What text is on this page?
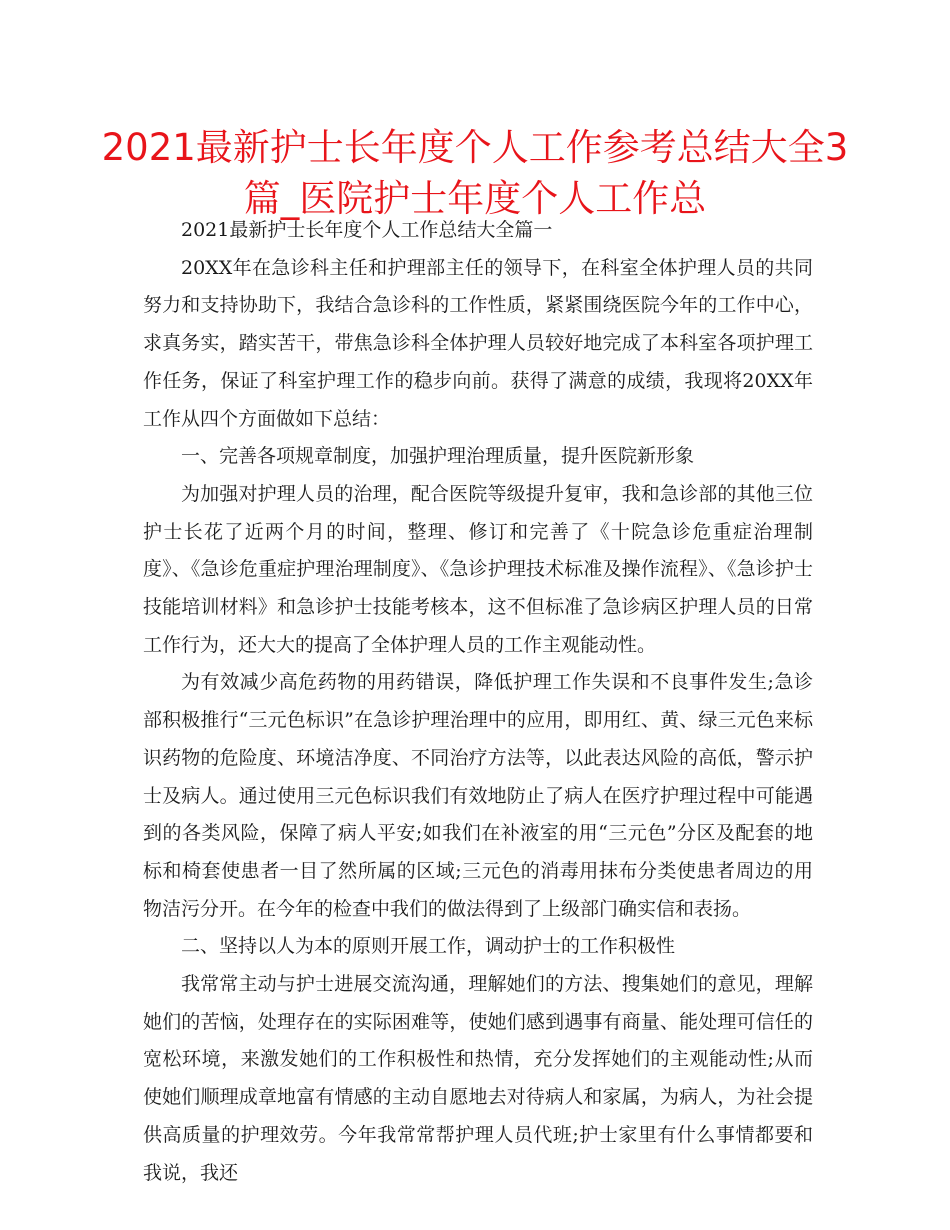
2021最新护士长年度个人工作参考总结大全3篇_医院护士年度个人工作总

2021最新护士长年度个人工作总结大全篇一

20XX年在急诊科主任和护理部主任的领导下，在科室全体护理人员的共同努力和支持协助下，我结合急诊科的工作性质，紧紧围绕医院今年的工作中心，求真务实，踏实苦干，带焦急诊科全体护理人员较好地完成了本科室各项护理工作任务，保证了科室护理工作的稳步向前。获得了满意的成绩，我现将20XX年工作从四个方面做如下总结：

一、完善各项规章制度，加强护理治理质量，提升医院新形象

为加强对护理人员的治理，配合医院等级提升复审，我和急诊部的其他三位护士长花了近两个月的时间，整理、修订和完善了《十院急诊危重症治理制度》、《急诊危重症护理治理制度》、《急诊护理技术标准及操作流程》、《急诊护士技能培训材料》和急诊护士技能考核本，这不但标准了急诊病区护理人员的日常工作行为，还大大的提高了全体护理人员的工作主观能动性。

为有效减少高危药物的用药错误，降低护理工作失误和不良事件发生;急诊部积极推行“三元色标识”在急诊护理治理中的应用，即用红、黄、绿三元色来标识药物的危险度、环境洁净度、不同治疗方法等，以此表达风险的高低，警示护士及病人。通过使用三元色标识我们有效地防止了病人在医疗护理过程中可能遇到的各类风险，保障了病人平安;如我们在补液室的用“三元色”分区及配套的地标和椅套使患者一目了然所属的区域;三元色的消毒用抹布分类使患者周边的用物洁污分开。在今年的检查中我们的做法得到了上级部门确实信和表扬。

二、坚持以人为本的原则开展工作，调动护士的工作积极性

我常常主动与护士进展交流沟通，理解她们的方法、搜集她们的意见，理解她们的苦恼，处理存在的实际困难等，使她们感到遇事有商量、能处理可信任的宽松环境，来激发她们的工作积极性和热情，充分发挥她们的主观能动性;从而使她们顺理成章地富有情感的主动自愿地去对待病人和家属，为病人，为社会提供高质量的护理效劳。今年我常常帮护理人员代班;护士家里有什么事情都要和我说，我还
